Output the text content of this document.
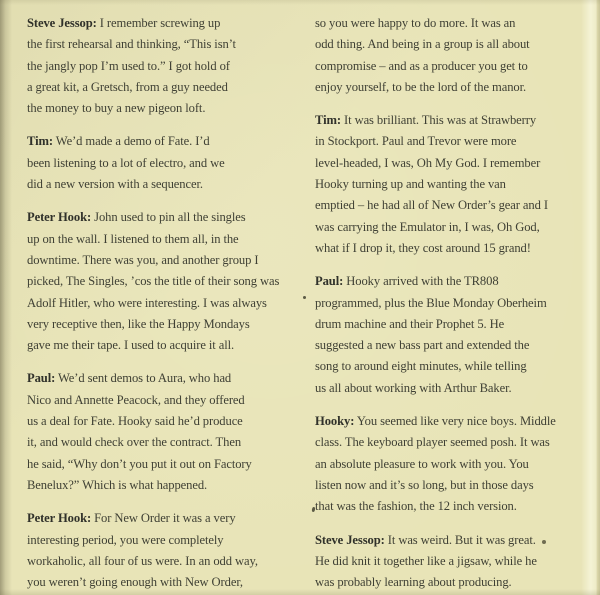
Steve Jessop: I remember screwing up
the first rehearsal and thinking, “This isn’t
the jangly pop I’m used to.” I got hold of
a great kit, a Gretsch, from a guy needed
the money to buy a new pigeon loft.
Tim: We’d made a demo of Fate. I’d
been listening to a lot of electro, and we
did a new version with a sequencer.
Peter Hook: John used to pin all the singles
up on the wall. I listened to them all, in the
downtime. There was you, and another group I
picked, The Singles, ’cos the title of their song was
Adolf Hitler, who were interesting. I was always
very receptive then, like the Happy Mondays
gave me their tape. I used to acquire it all.
Paul: We’d sent demos to Aura, who had
Nico and Annette Peacock, and they offered
us a deal for Fate. Hooky said he’d produce
it, and would check over the contract. Then
he said, “Why don’t you put it out on Factory
Benelux?” Which is what happened.
Peter Hook: For New Order it was a very
interesting period, you were completely
workaholic, all four of us were. In an odd way,
you weren’t going enough with New Order,
so you were happy to do more. It was an
odd thing. And being in a group is all about
compromise – and as a producer you get to
enjoy yourself, to be the lord of the manor.
Tim: It was brilliant. This was at Strawberry
in Stockport. Paul and Trevor were more
level-headed, I was, Oh My God. I remember
Hooky turning up and wanting the van
emptied – he had all of New Order’s gear and I
was carrying the Emulator in, I was, Oh God,
what if I drop it, they cost around 15 grand!
Paul: Hooky arrived with the TR808
programmed, plus the Blue Monday Oberheim
drum machine and their Prophet 5. He
suggested a new bass part and extended the
song to around eight minutes, while telling
us all about working with Arthur Baker.
Hooky: You seemed like very nice boys. Middle
class. The keyboard player seemed posh. It was
an absolute pleasure to work with you. You
listen now and it’s so long, but in those days
that was the fashion, the 12 inch version.
Steve Jessop: It was weird. But it was great.
He did knit it together like a jigsaw, while he
was probably learning about producing.
